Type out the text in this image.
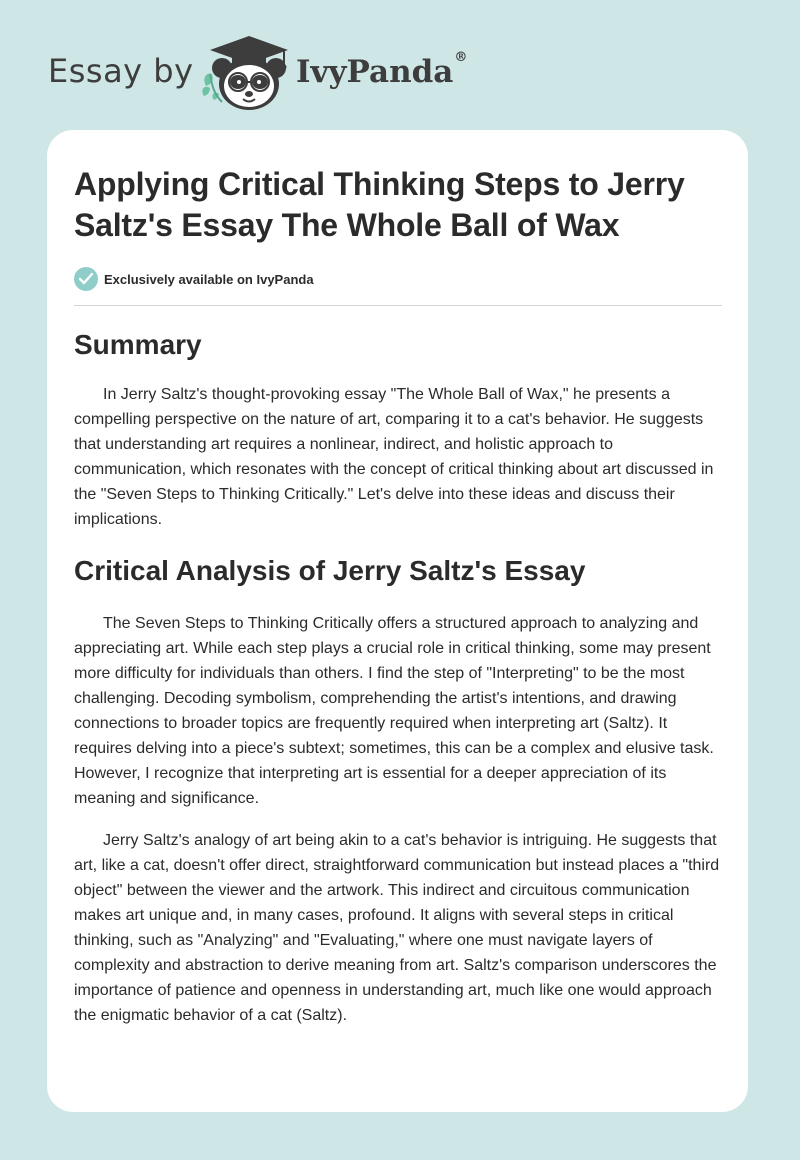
Essay by	IvyPanda®
Applying Critical Thinking Steps to Jerry Saltz's Essay The Whole Ball of Wax
Exclusively available on IvyPanda
Summary

In Jerry Saltz's thought-provoking essay "The Whole Ball of Wax," he presents a compelling perspective on the nature of art, comparing it to a cat's behavior. He suggests that understanding art requires a nonlinear, indirect, and holistic approach to communication, which resonates with the concept of critical thinking about art discussed in the "Seven Steps to Thinking Critically." Let's delve into these ideas and discuss their implications.

Critical Analysis of Jerry Saltz's Essay

The Seven Steps to Thinking Critically offers a structured approach to analyzing and appreciating art. While each step plays a crucial role in critical thinking, some may present more difficulty for individuals than others. I find the step of "Interpreting" to be the most challenging. Decoding symbolism, comprehending the artist's intentions, and drawing connections to broader topics are frequently required when interpreting art (Saltz). It requires delving into a piece's subtext; sometimes, this can be a complex and elusive task. However, I recognize that interpreting art is essential for a deeper appreciation of its meaning and significance.

Jerry Saltz's analogy of art being akin to a cat's behavior is intriguing. He suggests that art, like a cat, doesn't offer direct, straightforward communication but instead places a "third object" between the viewer and the artwork. This indirect and circuitous communication makes art unique and, in many cases, profound. It aligns with several steps in critical thinking, such as "Analyzing" and "Evaluating," where one must navigate layers of complexity and abstraction to derive meaning from art. Saltz's comparison underscores the importance of patience and openness in understanding art, much like one would approach the enigmatic behavior of a cat (Saltz).
